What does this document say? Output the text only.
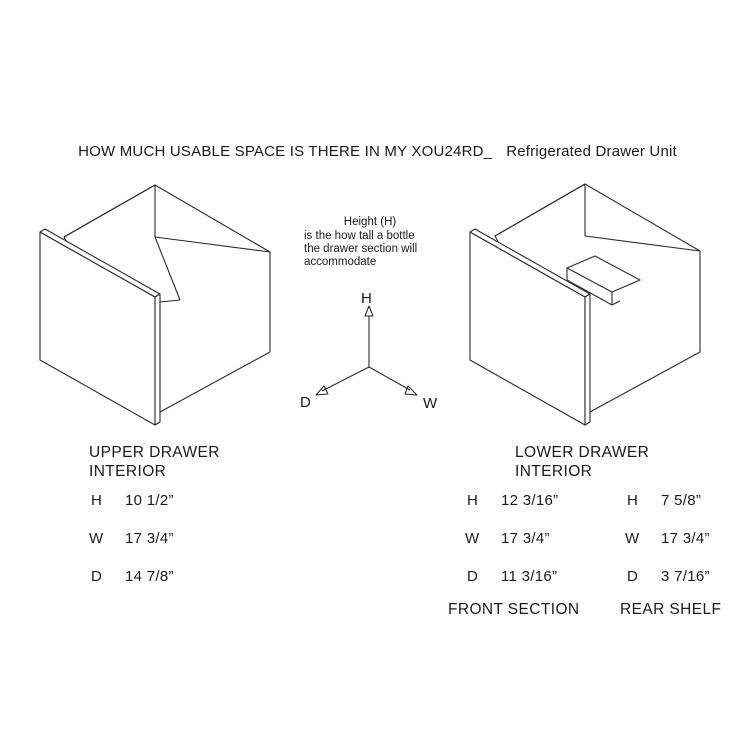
HOW MUCH USABLE SPACE IS THERE IN MY XOU24RD_ Refrigerated Drawer Unit
Height (H)
is the how tall a bottle
the drawer section will
accommodate
H
D	W
UPPER DRAWER
INTERIOR
H 10 1/2”
W 17 3/4”
D 14 7/8”
LOWER DRAWER
INTERIOR
H 12 3/16”
W 17 3/4”
D 11 3/16”
FRONT SECTION
H 7 5/8”
W 17 3/4”
D 3 7/16”
REAR SHELF
